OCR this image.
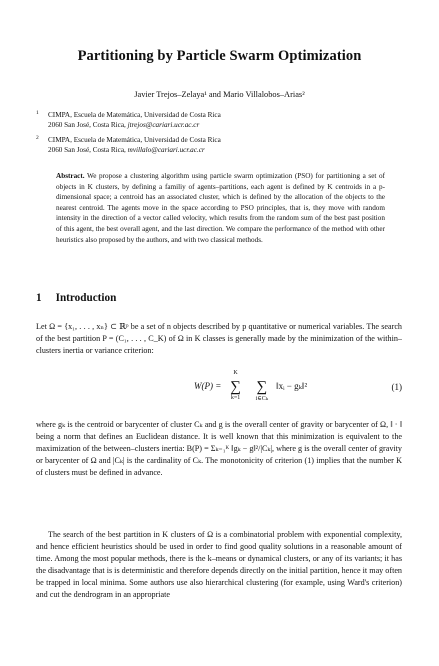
Partitioning by Particle Swarm Optimization
Javier Trejos–Zelaya¹ and Mario Villalobos–Arias²
1	CIMPA, Escuela de Matemática, Universidad de Costa Rica
2060 San José, Costa Rica, jtrejos@cariari.ucr.ac.cr
2	CIMPA, Escuela de Matemática, Universidad de Costa Rica
2060 San José, Costa Rica, mvillalo@cariari.ucr.ac.cr
Abstract. We propose a clustering algorithm using particle swarm optimization (PSO) for partitioning a set of objects in K clusters, by defining a familiy of agents–partitions, each agent is defined by K centroids in a p-dimensional space; a centroid has an associated cluster, which is defined by the allocation of the objects to the nearest centroid. The agents move in the space according to PSO principles, that is, they move with random intensity in the direction of a vector called velocity, which results from the random sum of the best past position of this agent, the best overall agent, and the last direction. We compare the performance of the method with other heuristics also proposed by the authors, and with two classical methods.
1 Introduction
Let Ω = {x₁, . . . , xₙ} ⊂ ℝᵖ be a set of n objects described by p quantitative or numerical variables. The search of the best partition P = (C₁, . . . , C_K) of Ω in K classes is generally made by the minimization of the within–clusters inertia or variance criterion:
W(P) =
K
∑
k=1
∑
i∈Cₖ
‖xᵢ − gₖ‖²	(1)
where gₖ is the centroid or barycenter of cluster Cₖ and g is the overall center of gravity or barycenter of Ω, ‖ · ‖ being a norm that defines an Euclidean distance. It is well known that this minimization is equivalent to the maximization of the between–clusters inertia: B(P) = Σₖ₌₁ᴷ ‖gₖ − g‖²/|Cₖ|, where g is the overall center of gravity or barycenter of Ω and |Cₖ| is the cardinality of Cₖ. The monotonicity of criterion (1) implies that the number K of clusters must be defined in advance.
The search of the best partition in K clusters of Ω is a combinatorial problem with exponential complexity, and hence efficient heuristics should be used in order to find good quality solutions in a reasonable amount of time. Among the most popular methods, there is the k–means or dynamical clusters, or any of its variants; it has the disadvantage that is is deterministic and therefore depends directly on the initial partition, hence it may often be trapped in local minima. Some authors use also hierarchical clustering (for example, using Ward's criterion) and cut the dendrogram in an appropriate
